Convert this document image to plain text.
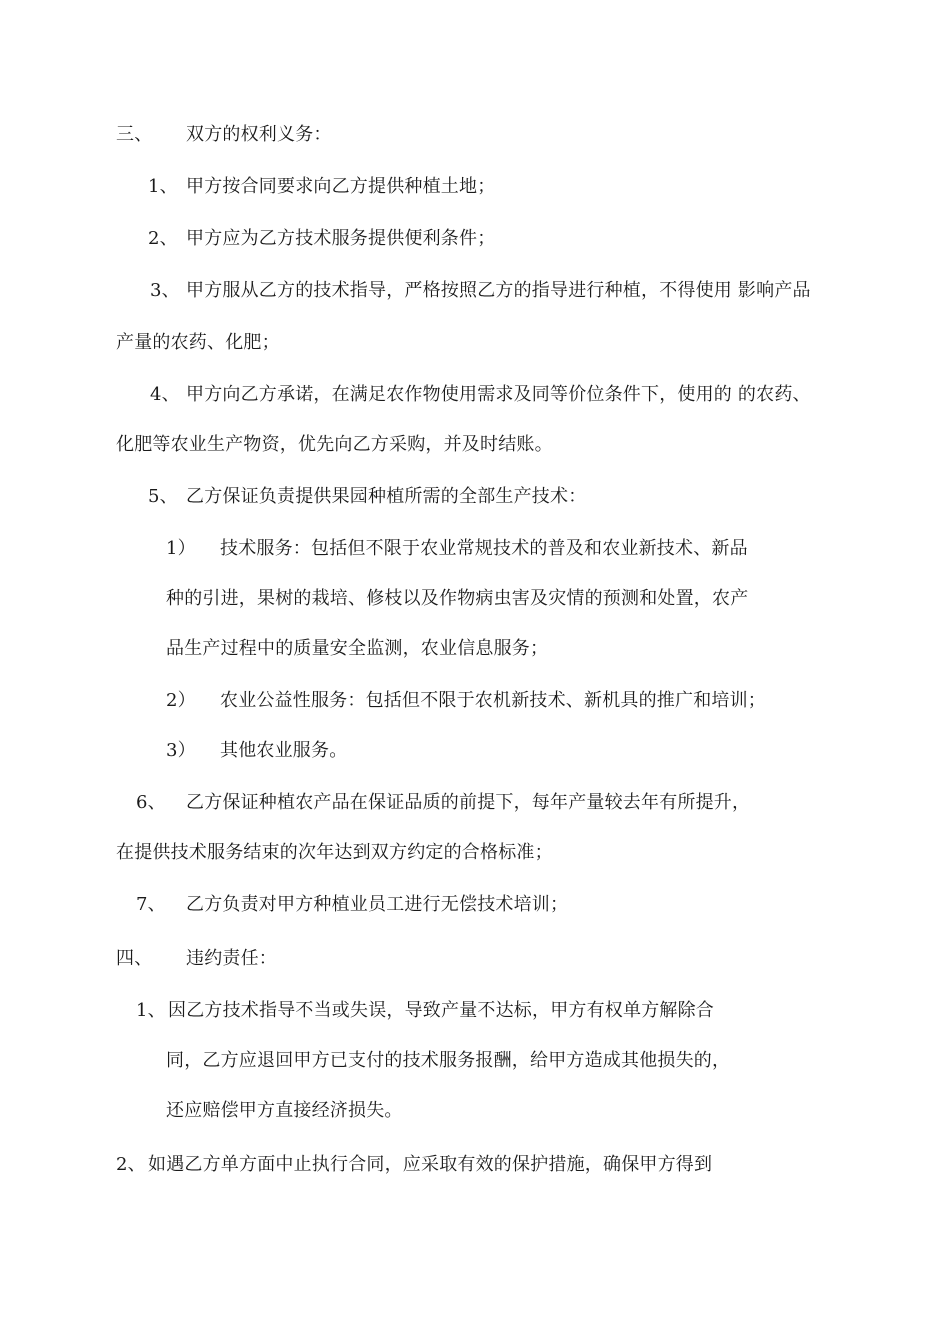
三、 双方的权利义务：
1、 甲方按合同要求向乙方提供种植土地；
2、 甲方应为乙方技术服务提供便利条件；
3、 甲方服从乙方的技术指导，严格按照乙方的指导进行种植，不得使用 影响产品
产量的农药、化肥；
4、 甲方向乙方承诺，在满足农作物使用需求及同等价位条件下，使用的 的农药、
化肥等农业生产物资，优先向乙方采购，并及时结账。
5、 乙方保证负责提供果园种植所需的全部生产技术：
1） 技术服务：包括但不限于农业常规技术的普及和农业新技术、新品
种的引进，果树的栽培、修枝以及作物病虫害及灾情的预测和处置，农产
品生产过程中的质量安全监测，农业信息服务；
2） 农业公益性服务：包括但不限于农机新技术、新机具的推广和培训；
3） 其他农业服务。
6、 乙方保证种植农产品在保证品质的前提下，每年产量较去年有所提升，
在提供技术服务结束的次年达到双方约定的合格标准；
7、 乙方负责对甲方种植业员工进行无偿技术培训；
四、 违约责任：
1、 因乙方技术指导不当或失误，导致产量不达标，甲方有权单方解除合
同，乙方应退回甲方已支付的技术服务报酬，给甲方造成其他损失的，
还应赔偿甲方直接经济损失。
2、 如遇乙方单方面中止执行合同，应采取有效的保护措施，确保甲方得到
